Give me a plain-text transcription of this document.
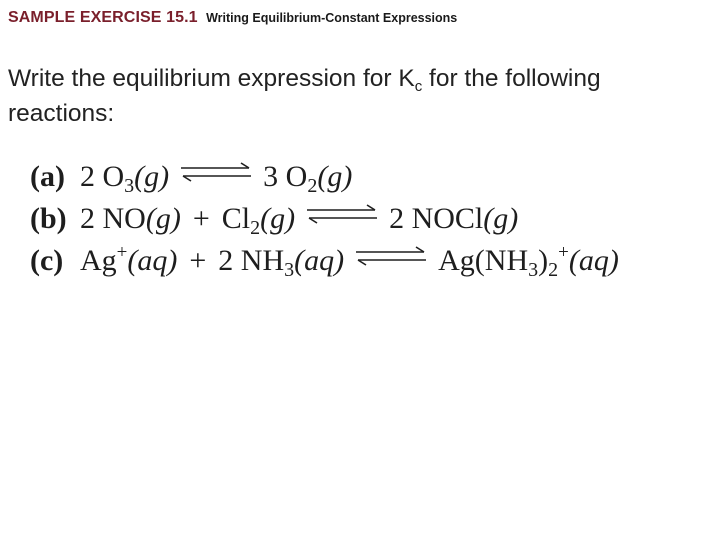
SAMPLE EXERCISE 15.1 Writing Equilibrium-Constant Expressions
Write the equilibrium expression for $K_c$ for the following reactions:
(a) 2 $O_3(g)$ ⇌ 3 $O_2(g)$
(b) 2 $NO(g) + Cl_2(g)$ ⇌ 2 NOCl(g)
(c) Ag+(aq) + 2 $NH_3(aq)$ ⇌ $Ag(NH_3)_2^+(aq)$
